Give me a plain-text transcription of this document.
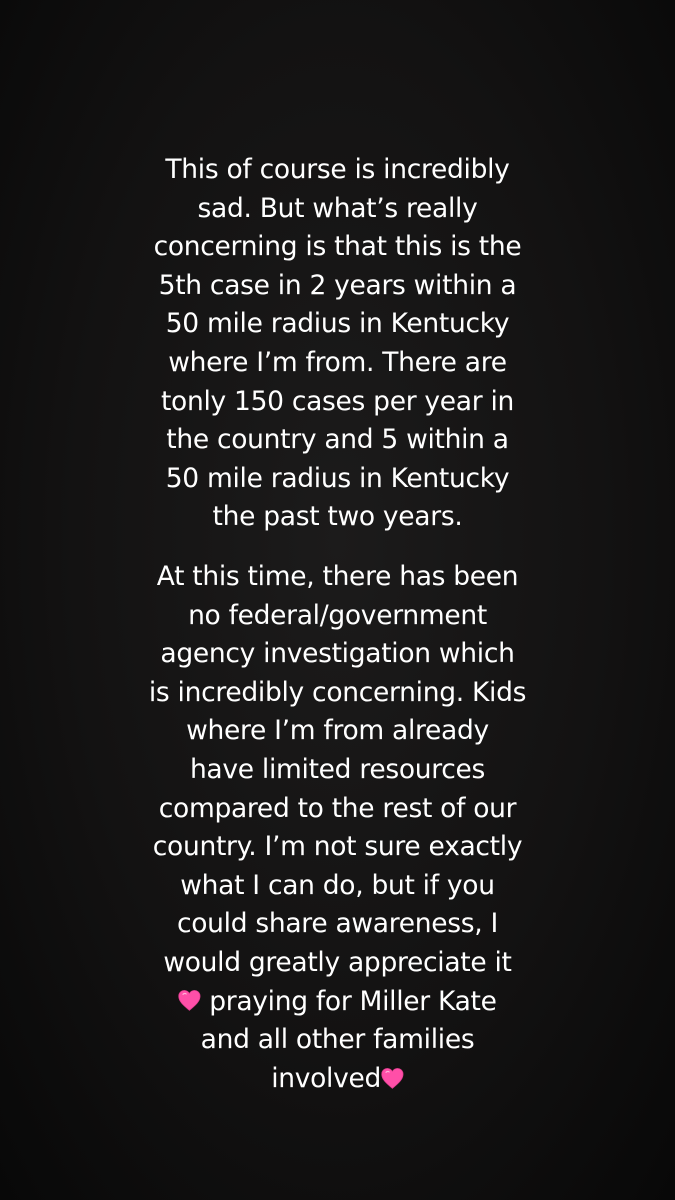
This of course is incredibly
sad. But what’s really
concerning is that this is the
5th case in 2 years within a
50 mile radius in Kentucky
where I’m from. There are
tonly 150 cases per year in
the country and 5 within a
50 mile radius in Kentucky
the past two years.
At this time, there has been
no federal/government
agency investigation which
is incredibly concerning. Kids
where I’m from already
have limited resources
compared to the rest of our
country. I’m not sure exactly
what I can do, but if you
could share awareness, I
would greatly appreciate it
praying for Miller Kate
and all other families
involved
